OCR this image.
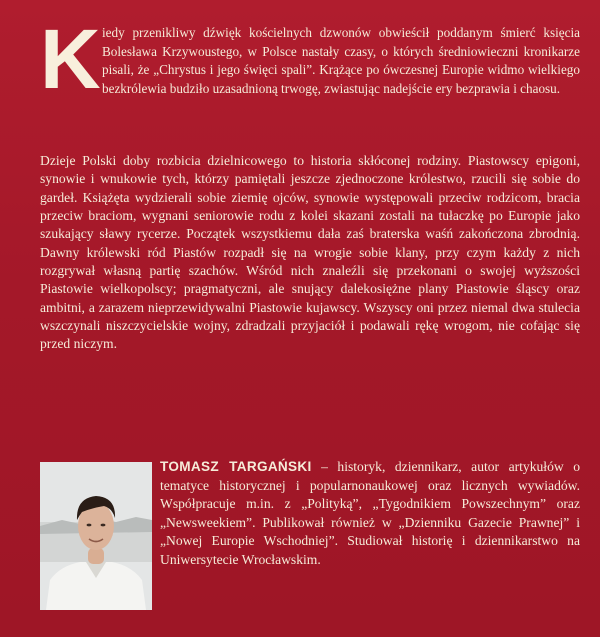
Kiedy przenikliwy dźwięk kościelnych dzwonów obwieścił poddanym śmierć księcia Bolesława Krzywoustego, w Polsce nastały czasy, o których średniowieczni kronikarze pisali, że „Chrystus i jego święci spali”. Krążące po ówczesnej Europie widmo wielkiego bezkrólewia budziło uzasadnioną trwogę, zwiastując nadejście ery bezprawia i chaosu.

Dzieje Polski doby rozbicia dzielnicowego to historia skłóconej rodziny. Piastowscy epigoni, synowie i wnukowie tych, którzy pamiętali jeszcze zjednoczone królestwo, rzucili się sobie do gardeł. Książęta wydzierali sobie ziemię ojców, synowie występowali przeciw rodzicom, bracia przeciw braciom, wygnani seniorowie rodu z kolei skazani zostali na tułaczkę po Europie jako szukający sławy rycerze. Początek wszystkiemu dała zaś braterska waśń zakończona zbrodnią. Dawny królewski ród Piastów rozpadł się na wrogie sobie klany, przy czym każdy z nich rozgrywał własną partię szachów. Wśród nich znaleźli się przekonani o swojej wyższości Piastowie wielkopolscy; pragmatyczni, ale snujący dalekosiężne plany Piastowie śląscy oraz ambitni, a zarazem nieprzewidywalni Piastowie kujawscy. Wszyscy oni przez niemal dwa stulecia wszczynali niszczycielskie wojny, zdradzali przyjaciół i podawali rękę wrogom, nie cofając się przed niczym.

TOMASZ TARGAŃSKI – historyk, dziennikarz, autor artykułów o tematyce historycznej i popularnonaukowej oraz licznych wywiadów. Współpracuje m.in. z „Polityką”, „Tygodnikiem Powszechnym” oraz „Newsweekiem”. Publikował również w „Dzienniku Gazecie Prawnej” i „Nowej Europie Wschodniej”. Studiował historię i dziennikarstwo na Uniwersytecie Wrocławskim.
